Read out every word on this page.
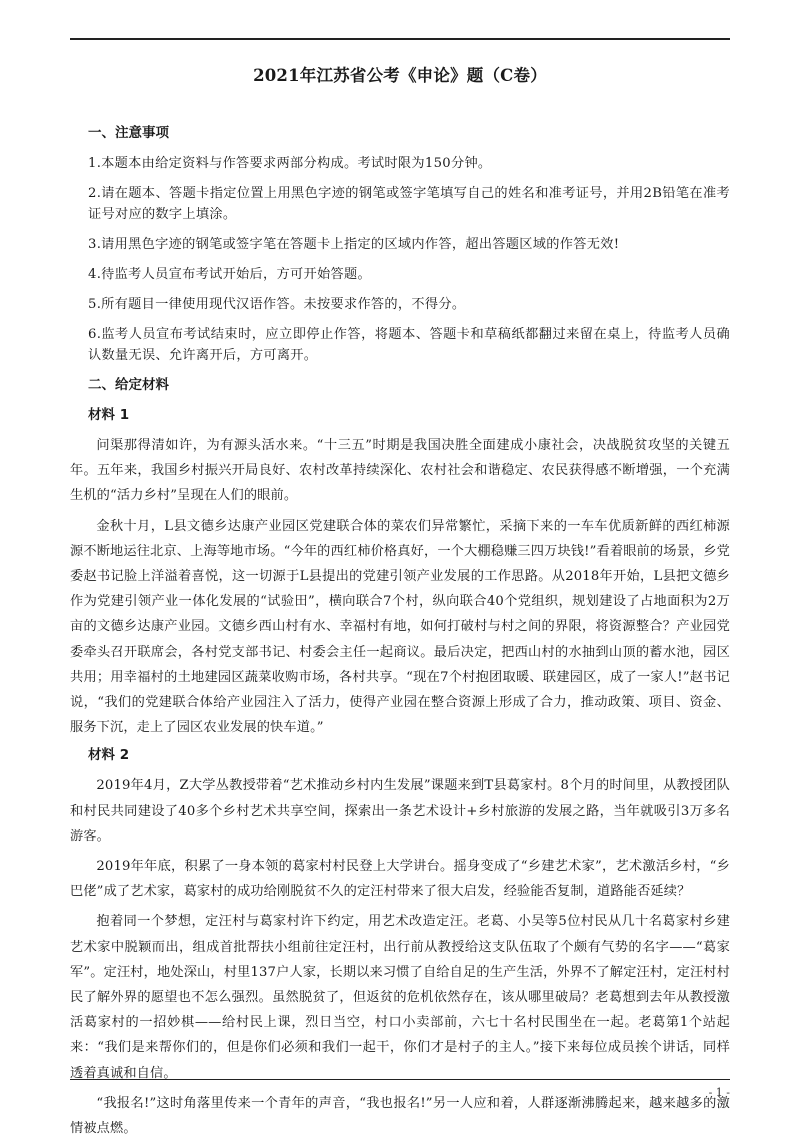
2021年江苏省公考《申论》题（C卷）
一、注意事项

1.本题本由给定资料与作答要求两部分构成。考试时限为150分钟。

2.请在题本、答题卡指定位置上用黑色字迹的钢笔或签字笔填写自己的姓名和准考证号，并用2B铅笔在准考证号对应的数字上填涂。

3.请用黑色字迹的钢笔或签字笔在答题卡上指定的区域内作答，超出答题区域的作答无效!

4.待监考人员宣布考试开始后，方可开始答题。

5.所有题目一律使用现代汉语作答。未按要求作答的，不得分。

6.监考人员宣布考试结束时，应立即停止作答，将题本、答题卡和草稿纸都翻过来留在桌上，待监考人员确认数量无误、允许离开后，方可离开。

二、给定材料
材料 1

问渠那得清如许，为有源头活水来。“十三五”时期是我国决胜全面建成小康社会，决战脱贫攻坚的关键五年。五年来，我国乡村振兴开局良好、农村改革持续深化、农村社会和谐稳定、农民获得感不断增强，一个充满生机的“活力乡村”呈现在人们的眼前。

金秋十月，L县文德乡达康产业园区党建联合体的菜农们异常繁忙，采摘下来的一车车优质新鲜的西红柿源源不断地运往北京、上海等地市场。“今年的西红柿价格真好，一个大棚稳赚三四万块钱!”看着眼前的场景，乡党委赵书记脸上洋溢着喜悦，这一切源于L县提出的党建引领产业发展的工作思路。从2018年开始，L县把文德乡作为党建引领产业一体化发展的“试验田”，横向联合7个村，纵向联合40个党组织，规划建设了占地面积为2万亩的文德乡达康产业园。文德乡西山村有水、幸福村有地，如何打破村与村之间的界限，将资源整合？产业园党委牵头召开联席会，各村党支部书记、村委会主任一起商议。最后决定，把西山村的水抽到山顶的蓄水池，园区共用；用幸福村的土地建园区蔬菜收购市场，各村共享。“现在7个村抱团取暖、联建园区，成了一家人!”赵书记说，“我们的党建联合体给产业园注入了活力，使得产业园在整合资源上形成了合力，推动政策、项目、资金、服务下沉，走上了园区农业发展的快车道。”

材料 2

2019年4月，Z大学丛教授带着“艺术推动乡村内生发展”课题来到T县葛家村。8个月的时间里，从教授团队和村民共同建设了40多个乡村艺术共享空间，探索出一条艺术设计+乡村旅游的发展之路，当年就吸引3万多名游客。

2019年年底，积累了一身本领的葛家村村民登上大学讲台。摇身变成了“乡建艺术家”，艺术激活乡村，“乡巴佬”成了艺术家，葛家村的成功给刚脱贫不久的定汪村带来了很大启发，经验能否复制，道路能否延续？

抱着同一个梦想，定汪村与葛家村许下约定，用艺术改造定汪。老葛、小吴等5位村民从几十名葛家村乡建艺术家中脱颖而出，组成首批帮扶小组前往定汪村，出行前从教授给这支队伍取了个颇有气势的名字——“葛家军”。定汪村，地处深山，村里137户人家，长期以来习惯了自给自足的生产生活，外界不了解定汪村，定汪村村民了解外界的愿望也不怎么强烈。虽然脱贫了，但返贫的危机依然存在，该从哪里破局？老葛想到去年从教授激活葛家村的一招妙棋——给村民上课，烈日当空，村口小卖部前，六七十名村民围坐在一起。老葛第1个站起来：“我们是来帮你们的，但是你们必须和我们一起干，你们才是村子的主人。”接下来每位成员挨个讲话，同样透着真诚和自信。

“我报名!”这时角落里传来一个青年的声音，“我也报名!”另一人应和着，人群逐渐沸腾起来，越来越多的激情被点燃。

- 1 -
